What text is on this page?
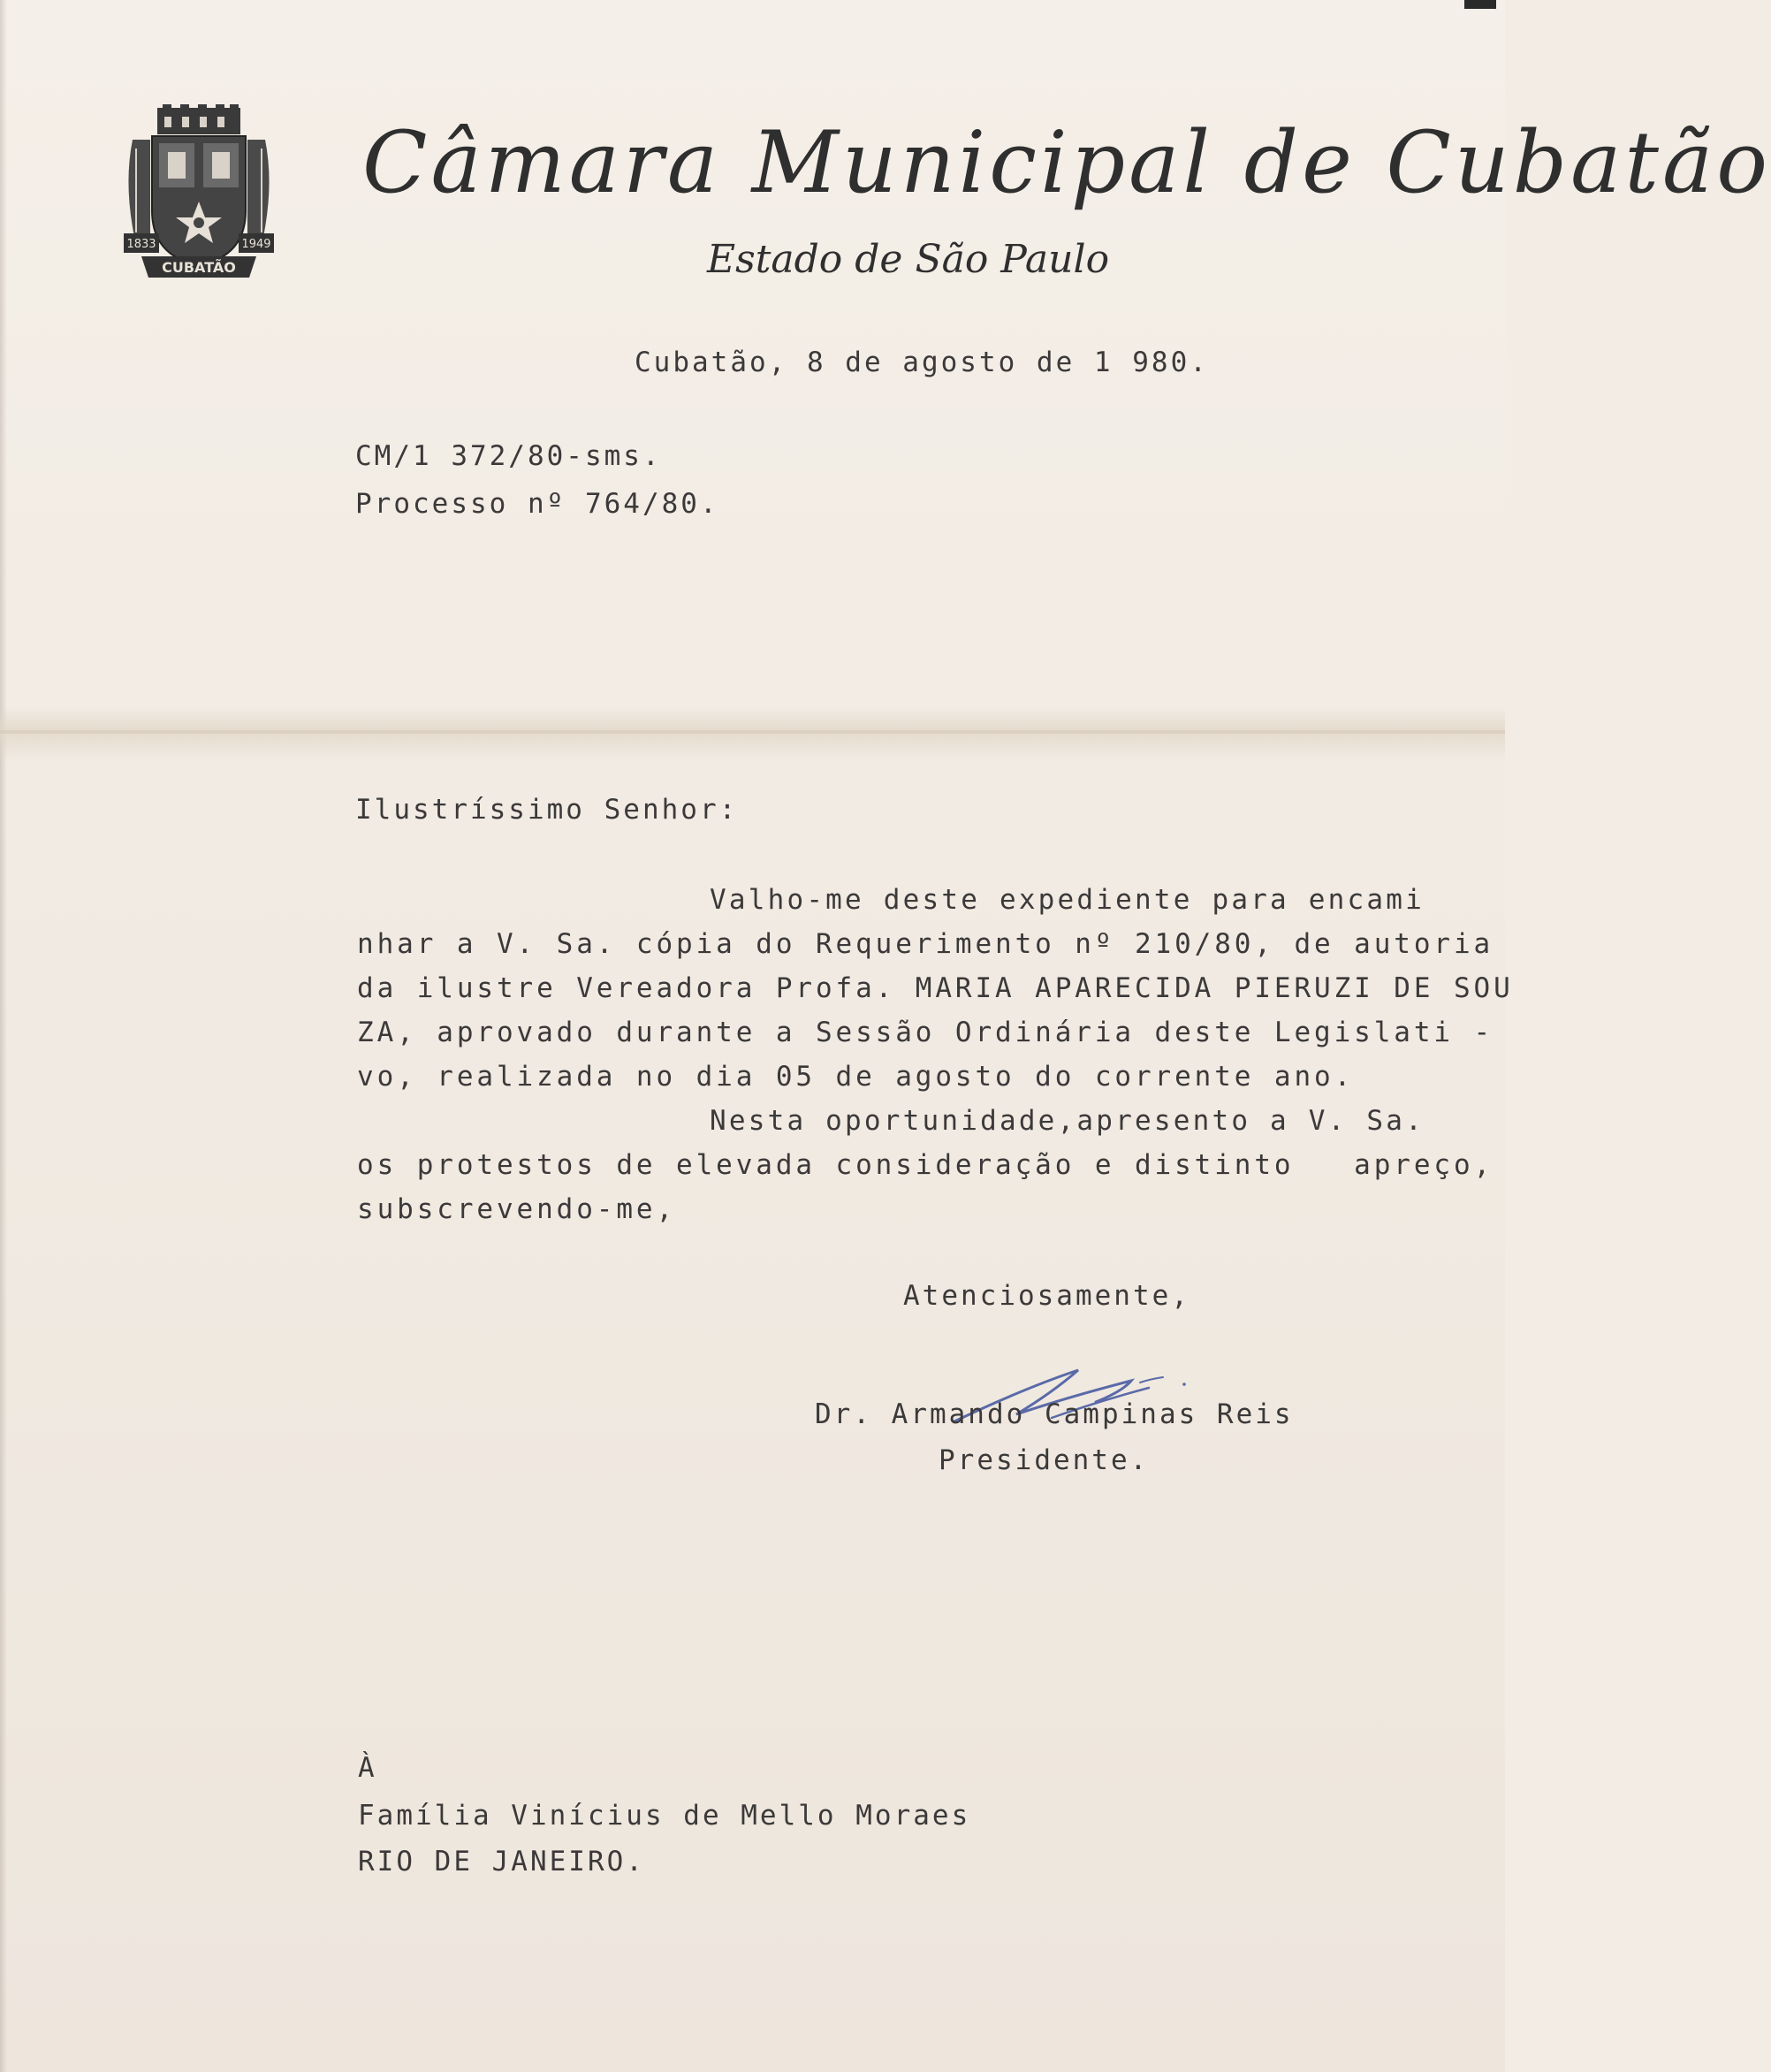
1833	1949
CUBATÃO
Câmara Municipal de Cubatão
Estado de São Paulo
Cubatão, 8 de agosto de 1 980.
CM/1 372/80-sms.
Processo nº 764/80.
Ilustríssimo Senhor:
Valho-me deste expediente para encami
nhar a V. Sa. cópia do Requerimento nº 210/80, de autoria
da ilustre Vereadora Profa. MARIA APARECIDA PIERUZI DE SOU
ZA, aprovado durante a Sessão Ordinária deste Legislati -
vo, realizada no dia 05 de agosto do corrente ano.
Nesta oportunidade,apresento a V. Sa.
os protestos de elevada consideração e distinto   apreço,
subscrevendo-me,
Atenciosamente,
Dr. Armando Campinas Reis
Presidente.
À
Família Vinícius de Mello Moraes
RIO DE JANEIRO.
